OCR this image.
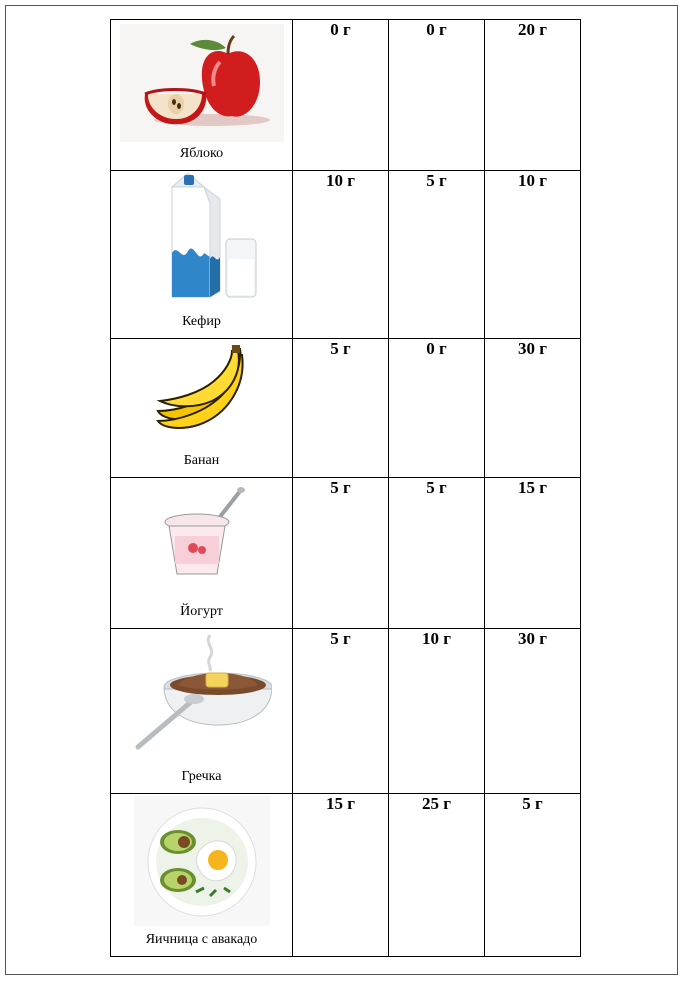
Яблоко	0 г	0 г	20 г

Кефир	10 г	5 г	10 г

Банан	5 г	0 г	30 г

Йогурт	5 г	5 г	15 г

Гречка	5 г	10 г	30 г

Яичница с авакадо	15 г	25 г	5 г
